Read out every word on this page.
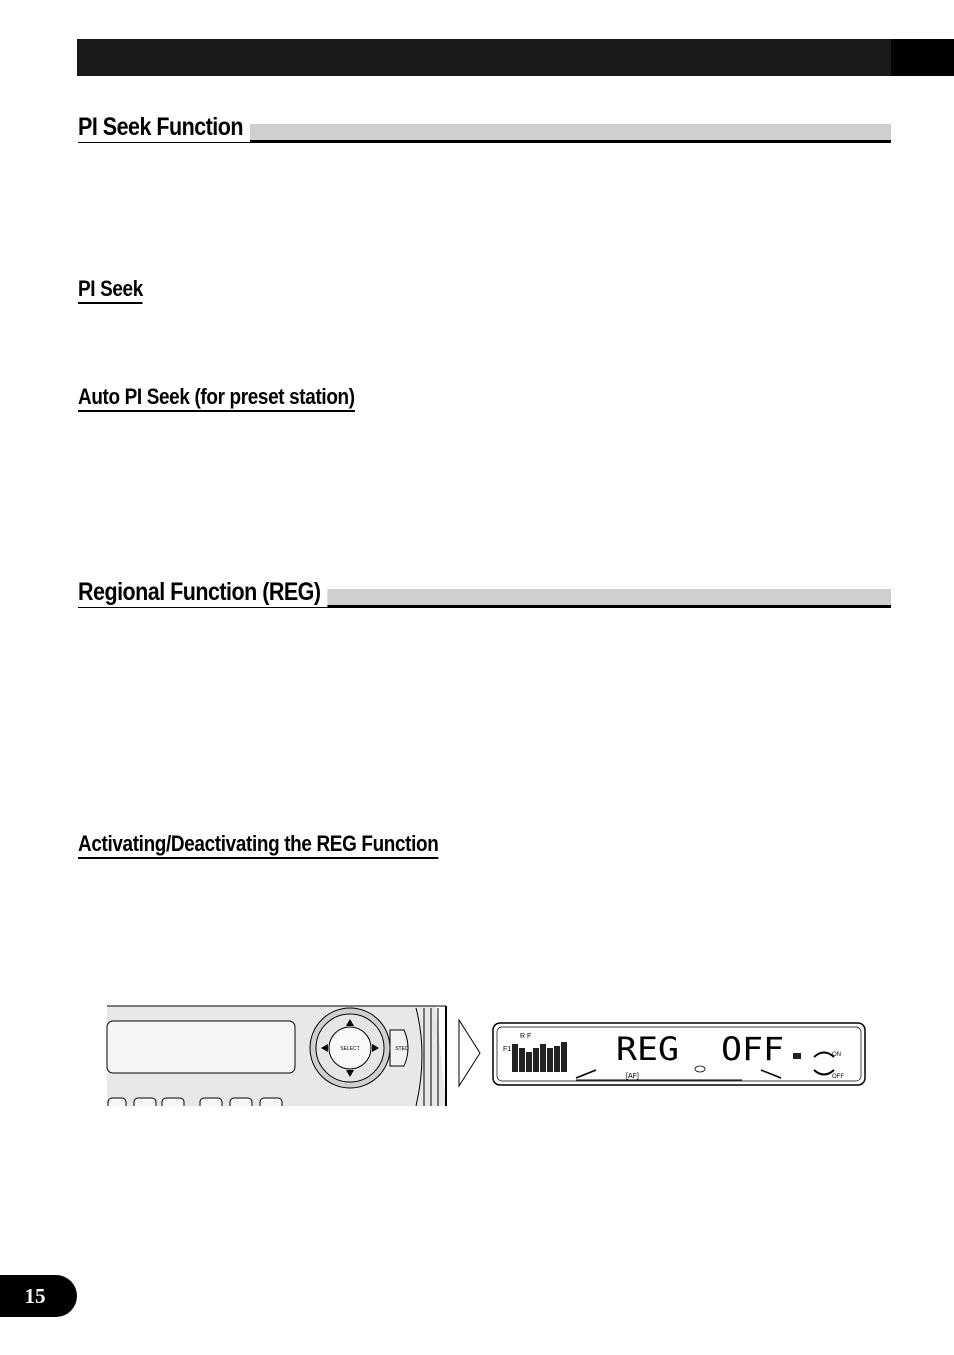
PI Seek Function
PI Seek
Auto PI Seek (for preset station)
Regional Function (REG)
Activating/Deactivating the REG Function
SELECT	STEQ	F1
R F	REG  OFF	ON
OFF
[AF]
15
